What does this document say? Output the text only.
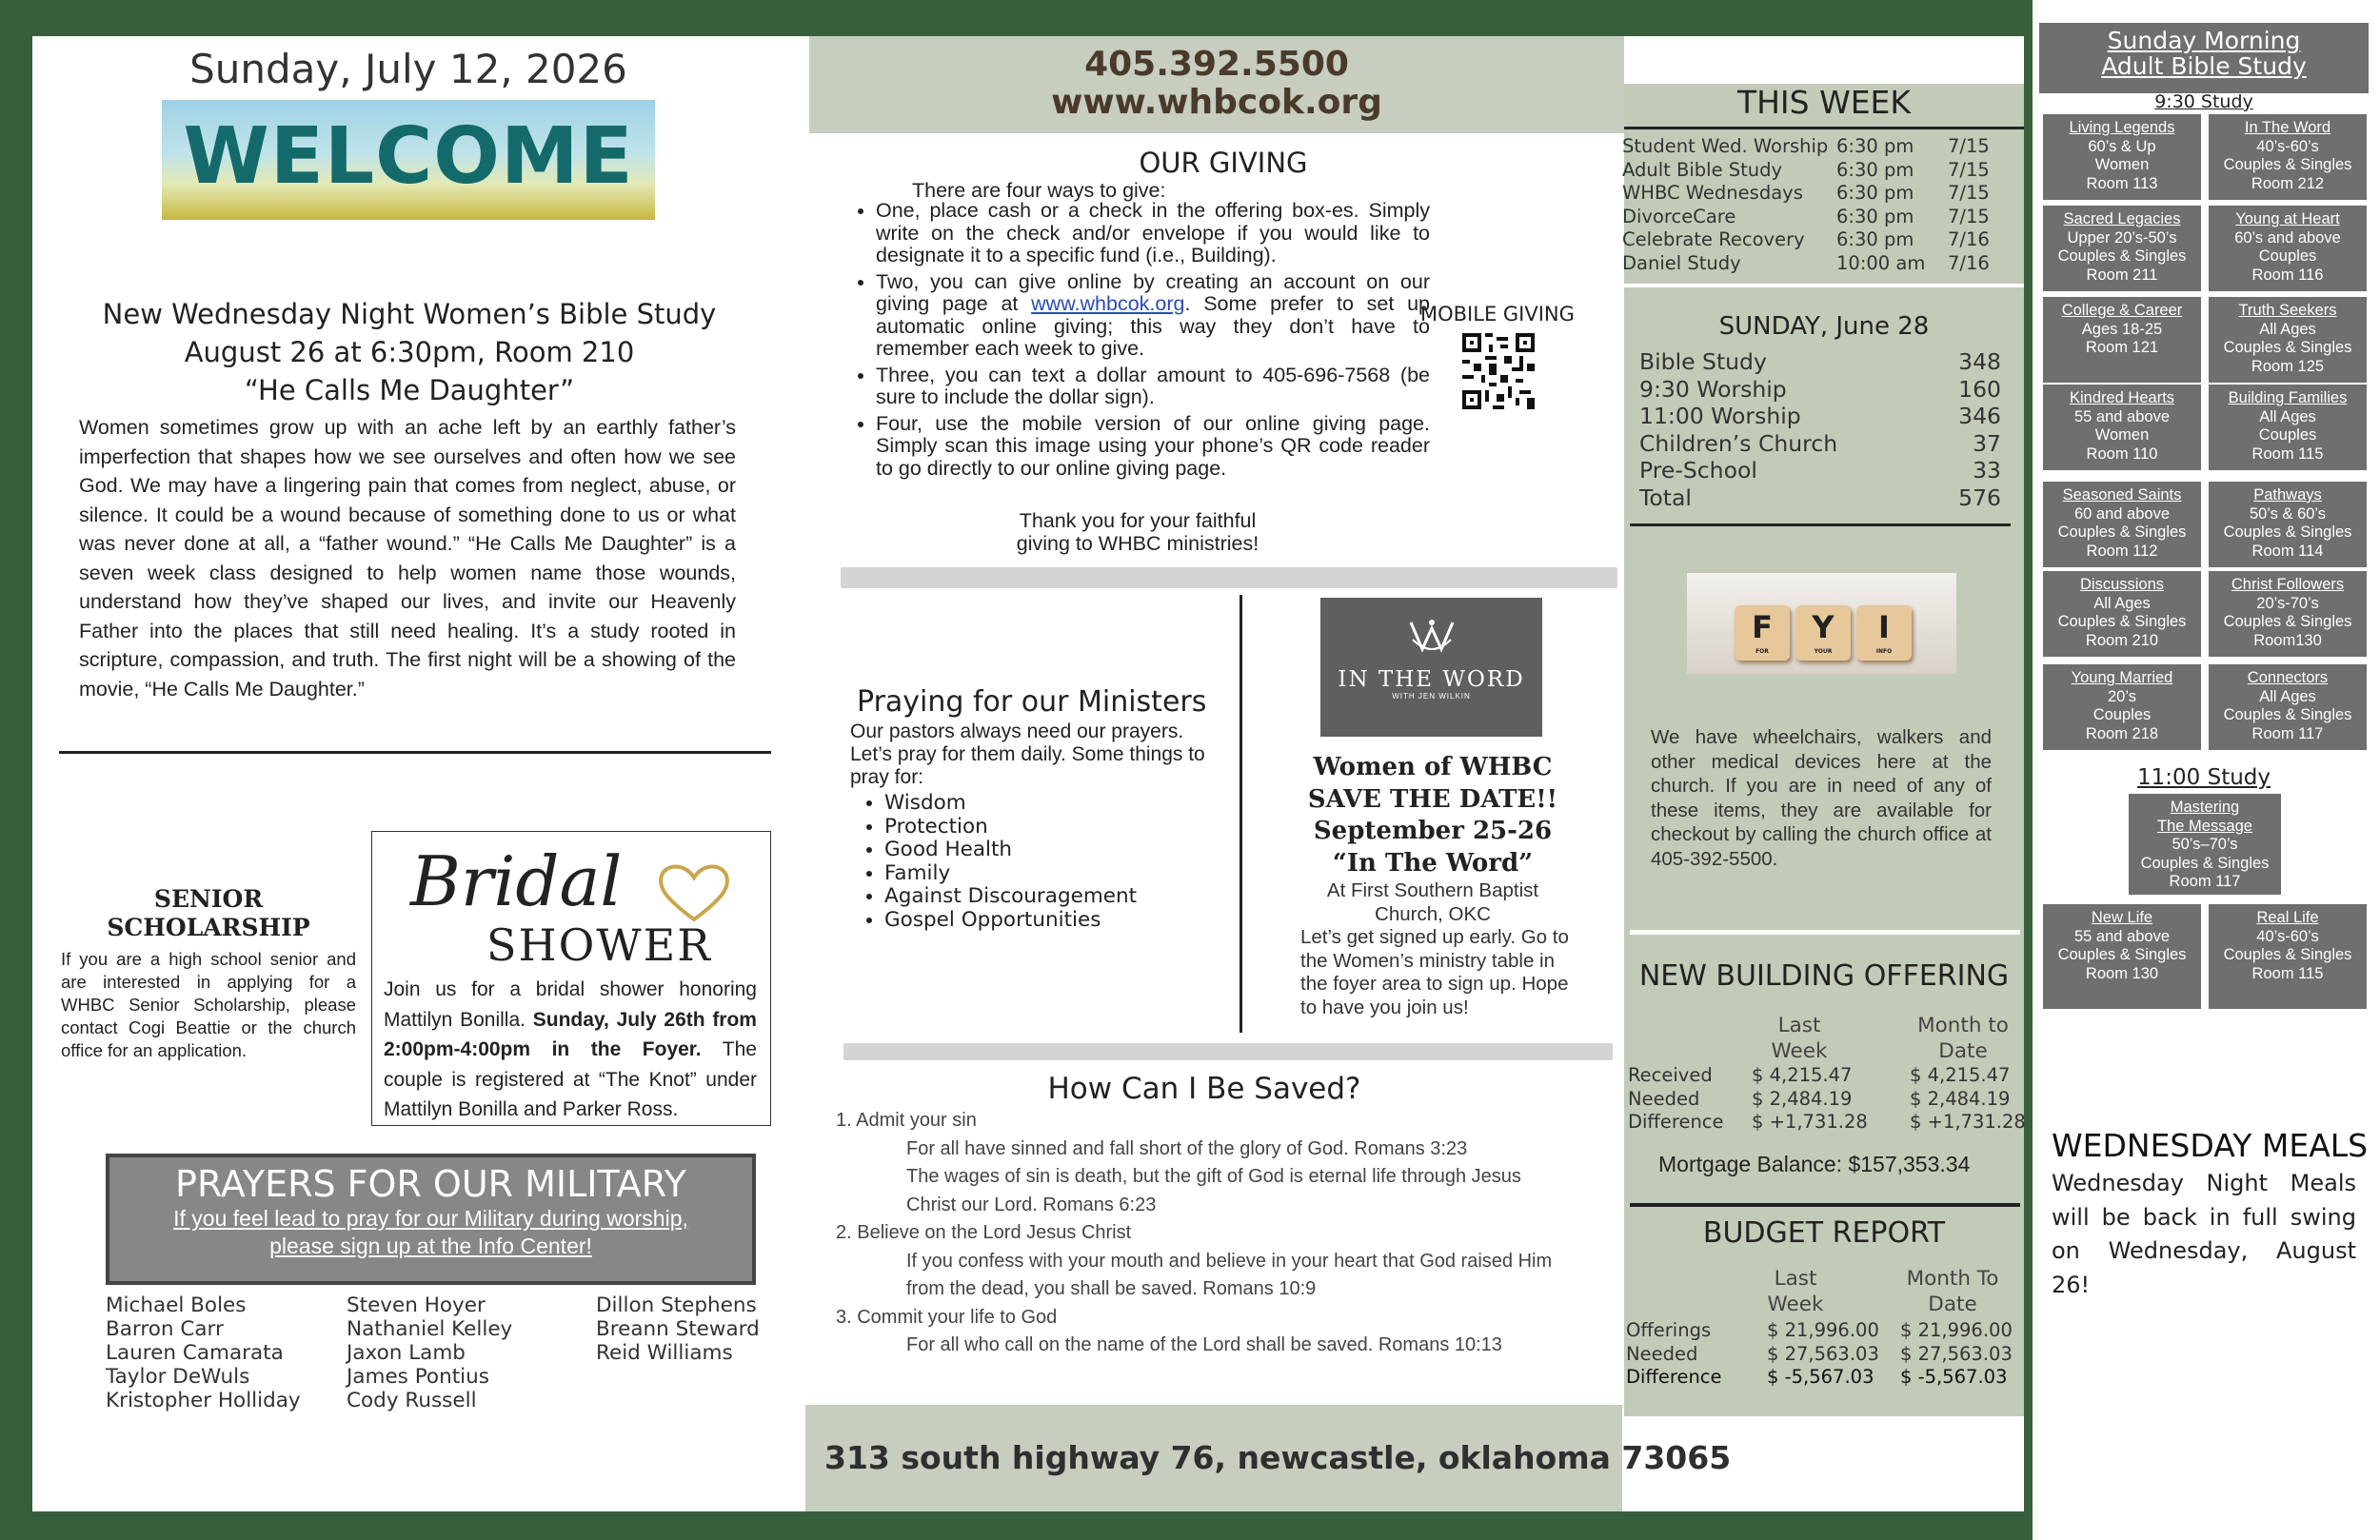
Sunday, July 12, 2026
WELCOME
New Wednesday Night Women’s Bible Study
August 26 at 6:30pm, Room 210
“He Calls Me Daughter”
Women sometimes grow up with an ache left by an earthly father’s imperfection that shapes how we see ourselves and often how we see God. We may have a lingering pain that comes from neglect, abuse, or silence. It could be a wound because of something done to us or what was never done at all, a “father wound.” “He Calls Me Daughter” is a seven week class designed to help women name those wounds, understand how they’ve shaped our lives, and invite our Heavenly Father into the places that still need healing. It’s a study rooted in scripture, compassion, and truth. The first night will be a showing of the movie, “He Calls Me Daughter.”
SENIOR
SCHOLARSHIP
If you are a high school senior and are interested in applying for a WHBC Senior Scholarship, please contact Cogi Beattie or the church office for an application.
Bridal
SHOWER
Join us for a bridal shower honoring Mattilyn Bonilla. Sunday, July 26th from 2:00pm-4:00pm in the Foyer. The couple is registered at “The Knot” under Mattilyn Bonilla and Parker Ross.
PRAYERS FOR OUR MILITARY
If you feel lead to pray for our Military during worship,
please sign up at the Info Center!
Michael Boles
Barron Carr
Lauren Camarata
Taylor DeWuls
Kristopher Holliday
Steven Hoyer
Nathaniel Kelley
Jaxon Lamb
James Pontius
Cody Russell
Dillon Stephens
Breann Steward
Reid Williams
405.392.5500
www.whbcok.org
OUR GIVING
There are four ways to give:
• One, place cash or a check in the offering box-es. Simply write on the check and/or envelope if you would like to designate it to a specific fund (i.e., Building).
• Two, you can give online by creating an account on our giving page at www.whbcok.org. Some prefer to set up automatic online giving; this way they don’t have to remember each week to give.
• Three, you can text a dollar amount to 405-696-7568 (be sure to include the dollar sign).
• Four, use the mobile version of our online giving page. Simply scan this image using your phone’s QR code reader to go directly to our online giving page.
Thank you for your faithful
giving to WHBC ministries!
MOBILE GIVING
Praying for our Ministers
Our pastors always need our prayers. Let’s pray for them daily. Some things to pray for:
• Wisdom
• Protection
• Good Health
• Family
• Against Discouragement
• Gospel Opportunities
IN THE WORD
WITH JEN WILKIN
Women of WHBC
SAVE THE DATE!!
September 25-26
“In The Word”
At First Southern Baptist
Church, OKC
Let’s get signed up early. Go to the Women’s ministry table in the foyer area to sign up. Hope to have you join us!
How Can I Be Saved?
1. Admit your sin
For all have sinned and fall short of the glory of God. Romans 3:23
The wages of sin is death, but the gift of God is eternal life through Jesus
Christ our Lord. Romans 6:23
2. Believe on the Lord Jesus Christ
If you confess with your mouth and believe in your heart that God raised Him
from the dead, you shall be saved. Romans 10:9
3. Commit your life to God
For all who call on the name of the Lord shall be saved. Romans 10:13
313 south highway 76, newcastle, oklahoma 73065
THIS WEEK
Student Wed. Worship 6:30 pm	7/15
Adult Bible Study	6:30 pm	7/15
WHBC Wednesdays	6:30 pm	7/15
DivorceCare	6:30 pm	7/15
Celebrate Recovery	6:30 pm	7/16
Daniel Study	10:00 am	7/16
SUNDAY, June 28
Bible Study	348
9:30 Worship	160
11:00 Worship	346
Children’s Church	37
Pre-School	33
Total	576
F
FOR
Y
YOUR
I
INFO
We have wheelchairs, walkers and other medical devices here at the church. If you are in need of any of these items, they are available for checkout by calling the church office at 405-392-5500.
NEW BUILDING OFFERING
Last
Week
Month to
Date
Received	$ 4,215.47	$ 4,215.47
Needed	$ 2,484.19	$ 2,484.19
Difference	$ +1,731.28	$ +1,731.28
Mortgage Balance: $157,353.34
BUDGET REPORT
Last
Week
Month To
Date
Offerings	$ 21,996.00	$ 21,996.00
Needed	$ 27,563.03	$ 27,563.03
Difference	$ -5,567.03	$ -5,567.03
Sunday Morning
Adult Bible Study
9:30 Study
Living Legends
60’s & Up
Women
Room 113
In The Word
40’s-60’s
Couples & Singles
Room 212
Sacred Legacies
Upper 20’s-50’s
Couples & Singles
Room 211
Young at Heart
60’s and above
Couples
Room 116
College & Career
Ages 18-25
Room 121
Truth Seekers
All Ages
Couples & Singles
Room 125
Kindred Hearts
55 and above
Women
Room 110
Building Families
All Ages
Couples
Room 115
Seasoned Saints
60 and above
Couples & Singles
Room 112
Pathways
50’s & 60’s
Couples & Singles
Room 114
Discussions
All Ages
Couples & Singles
Room 210
Christ Followers
20’s-70’s
Couples & Singles
Room130
Young Married
20’s
Couples
Room 218
Connectors
All Ages
Couples & Singles
Room 117
11:00 Study
Mastering
The Message
50’s–70’s
Couples & Singles
Room 117
New Life
55 and above
Couples & Singles
Room 130
Real Life
40’s-60’s
Couples & Singles
Room 115
WEDNESDAY MEALS
Wednesday Night Meals will be back in full swing on Wednesday, August 26!
